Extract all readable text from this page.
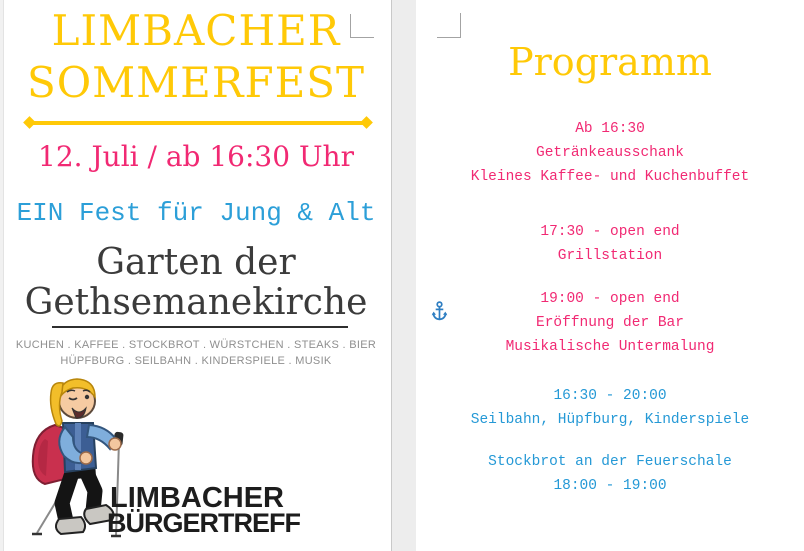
LIMBACHER
SOMMERFEST
12. Juli / ab 16:30 Uhr
EIN Fest für Jung & Alt
Garten der
Gethsemanekirche
KUCHEN . KAFFEE . STOCKBROT . WÜRSTCHEN . STEAKS . BIER
HÜPFBURG . SEILBAHN . KINDERSPIELE . MUSIK
LIMBACHER
BÜRGERTREFF
Programm
Ab 16:30
Getränkeausschank
Kleines Kaffee- und Kuchenbuffet
17:30 - open end
Grillstation
19:00 - open end
Eröffnung der Bar
Musikalische Untermalung
16:30 - 20:00
Seilbahn, Hüpfburg, Kinderspiele
Stockbrot an der Feuerschale
18:00 - 19:00
